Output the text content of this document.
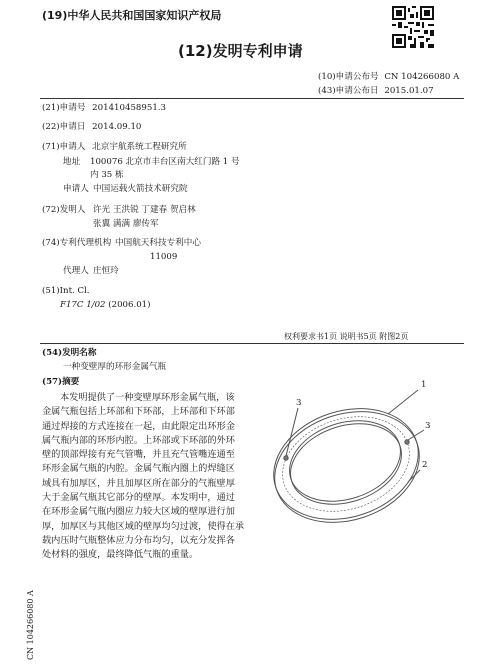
(19)中华人民共和国国家知识产权局
(12)发明专利申请
(10)申请公布号 CN 104266080 A
(43)申请公布日 2015.01.07
(21)申请号 201410458951.3
(22)申请日 2014.09.10
(71)申请人 北京宇航系统工程研究所
地址 100076 北京市丰台区南大红门路 1 号
内 35 栋
申请人 中国运载火箭技术研究院
(72)发明人 许光 王洪锐 丁建春 贺启林
张翼 满满 廖传军
(74)专利代理机构 中国航天科技专利中心
11009
代理人 庄恒玲
(51)Int. Cl.
F17C 1/02 (2006.01)
权利要求书1页 说明书5页 附图2页
(54)发明名称
一种变壁厚的环形金属气瓶
(57)摘要

本发明提供了一种变壁厚环形金属气瓶，该

金属气瓶包括上环部和下环部，上环部和下环部

通过焊接的方式连接在一起，由此限定出环形金

属气瓶内部的环形内腔。上环部或下环部的外环

壁的顶部焊接有充气管嘴，并且充气管嘴连通至

环形金属气瓶的内腔。金属气瓶内圈上的焊缝区

域具有加厚区，并且加厚区所在部分的气瓶壁厚

大于金属气瓶其它部分的壁厚。本发明中，通过

在环形金属气瓶内圈应力较大区域的壁厚进行加

厚，加厚区与其他区域的壁厚均匀过渡，使得在承

载内压时气瓶整体应力分布均匀，以充分发挥各

处材料的强度，最终降低气瓶的重量。

1
2
3
3
CN 104266080 A
